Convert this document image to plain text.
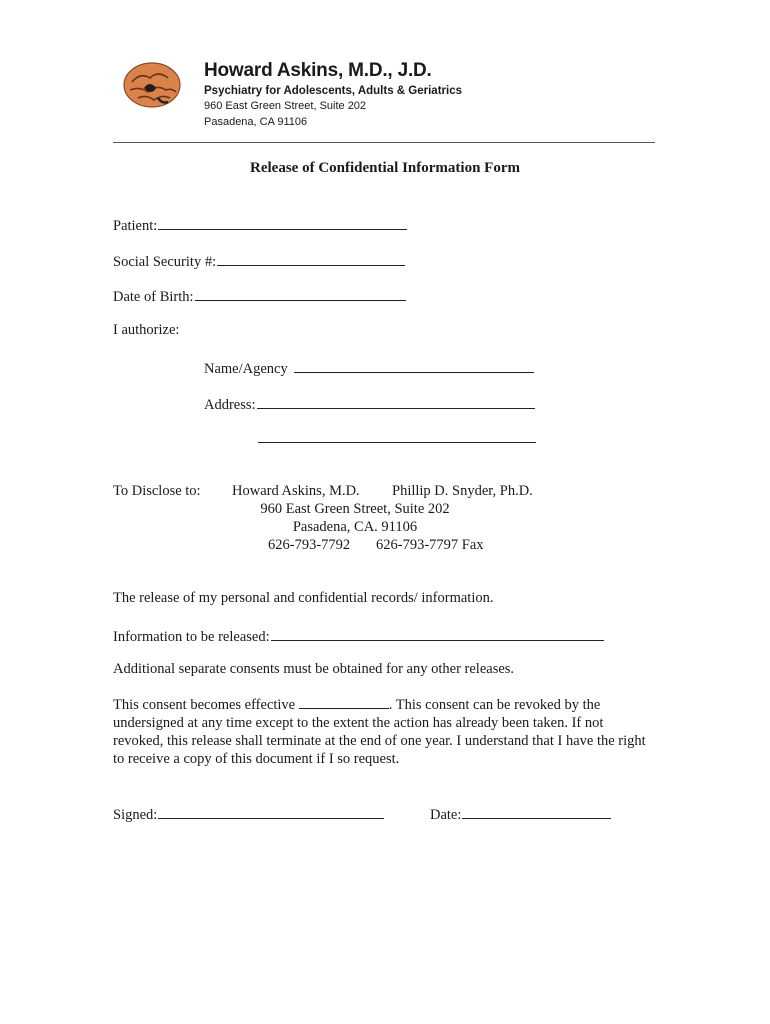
Howard Askins, M.D., J.D.
Psychiatry for Adolescents, Adults & Geriatrics
960 East Green Street, Suite 202
Pasadena, CA 91106
Release of Confidential Information Form
Patient:
Social Security #:
Date of Birth:
I authorize:
Name/Agency
Address:
To Disclose to: Howard Askins, M.D. Phillip D. Snyder, Ph.D.
960 East Green Street, Suite 202
Pasadena, CA. 91106
626-793-7792 626-793-7797 Fax
The release of my personal and confidential records/ information.
Information to be released:
Additional separate consents must be obtained for any other releases.
This consent becomes effective	. This consent can be revoked by the undersigned at any time except to the extent the action has already been taken. If not revoked, this release shall terminate at the end of one year. I understand that I have the right to receive a copy of this document if I so request.
Signed:	Date:
